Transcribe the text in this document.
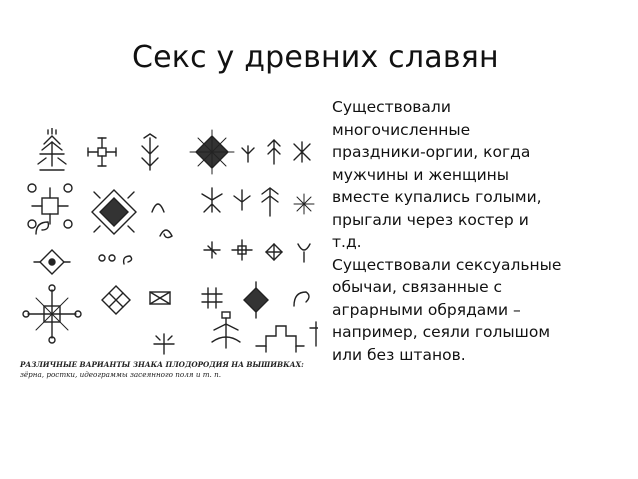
Секс у древних славян
РАЗЛИЧНЫЕ ВАРИАНТЫ ЗНАКА ПЛОДОРОДИЯ НА ВЫШИВКАХ:
зёрна, ростки, идеограммы засеянного поля и т. п.
Существовали
многочисленные
праздники-оргии, когда
мужчины и женщины
вместе купались голыми,
прыгали через костер и
т.д.
Существовали сексуальные
обычаи, связанные с
аграрными обрядами –
например, сеяли голышом
или без штанов.
